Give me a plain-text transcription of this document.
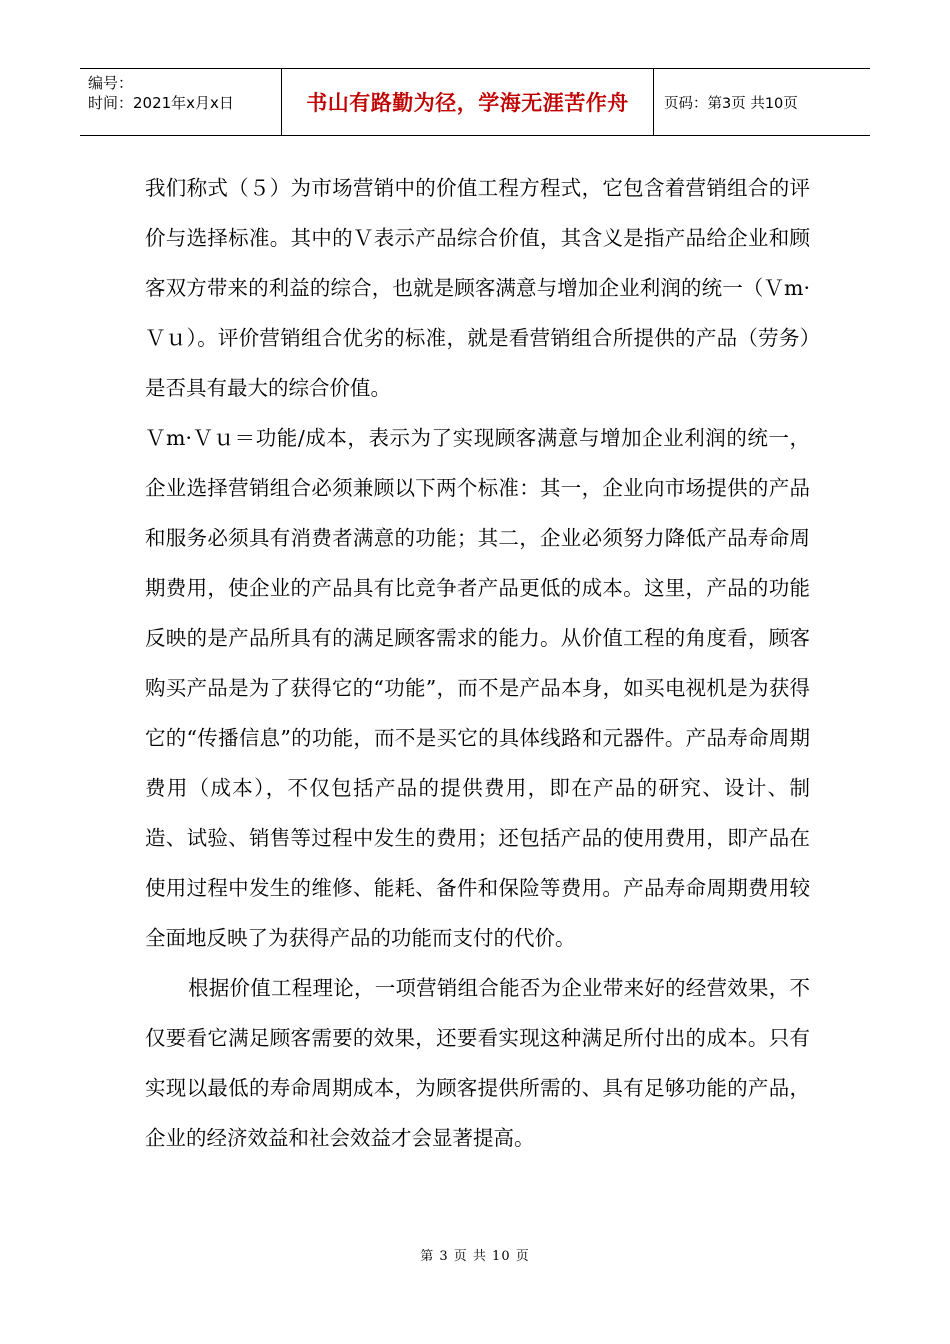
编号：
时间：2021年x月x日	书山有路勤为径，学海无涯苦作舟	页码：第3页 共10页

我们称式（５）为市场营销中的价值工程方程式，它包含着营销组合的评价与选择标准。其中的Ｖ表示产品综合价值，其含义是指产品给企业和顾客双方带来的利益的综合，也就是顾客满意与增加企业利润的统一（Ｖm·Ｖｕ）。评价营销组合优劣的标准，就是看营销组合所提供的产品（劳务）是否具有最大的综合价值。

Ｖm·Ｖｕ＝功能/成本，表示为了实现顾客满意与增加企业利润的统一，企业选择营销组合必须兼顾以下两个标准：其一，企业向市场提供的产品和服务必须具有消费者满意的功能；其二，企业必须努力降低产品寿命周期费用，使企业的产品具有比竞争者产品更低的成本。这里，产品的功能反映的是产品所具有的满足顾客需求的能力。从价值工程的角度看，顾客购买产品是为了获得它的“功能”，而不是产品本身，如买电视机是为获得它的“传播信息”的功能，而不是买它的具体线路和元器件。产品寿命周期费用（成本），不仅包括产品的提供费用，即在产品的研究、设计、制造、试验、销售等过程中发生的费用；还包括产品的使用费用，即产品在使用过程中发生的维修、能耗、备件和保险等费用。产品寿命周期费用较全面地反映了为获得产品的功能而支付的代价。

根据价值工程理论，一项营销组合能否为企业带来好的经营效果，不仅要看它满足顾客需要的效果，还要看实现这种满足所付出的成本。只有实现以最低的寿命周期成本，为顾客提供所需的、具有足够功能的产品，企业的经济效益和社会效益才会显著提高。

第 3 页 共 10 页
